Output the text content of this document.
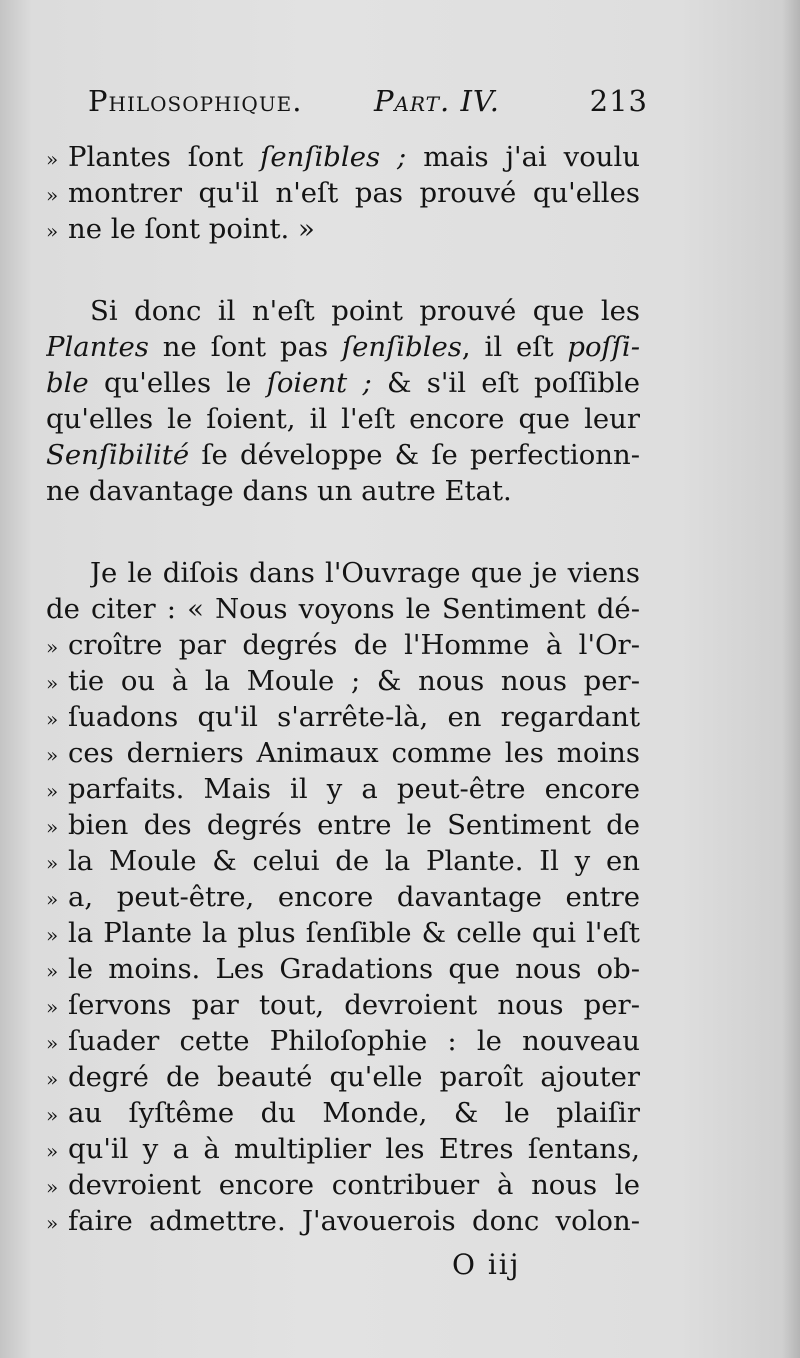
Philosophique. Part. IV.	213
» Plantes ſont ſenſibles ; mais j'ai voulu
» montrer qu'il n'eſt pas prouvé qu'elles
» ne le ſont point. »
Si donc il n'eſt point prouvé que les
Plantes ne ſont pas ſenſibles, il eſt poſſi-
ble qu'elles le ſoient ; & s'il eſt poſſible
qu'elles le ſoient, il l'eſt encore que leur
Senſibilité ſe développe & ſe perfectionn-
ne davantage dans un autre Etat.
Je le diſois dans l'Ouvrage que je viens
de citer : « Nous voyons le Sentiment dé-
» croître par degrés de l'Homme à l'Or-
» tie ou à la Moule ; & nous nous per-
» ſuadons qu'il s'arrête-là, en regardant
» ces derniers Animaux comme les moins
» parfaits. Mais il y a peut-être encore
» bien des degrés entre le Sentiment de
» la Moule & celui de la Plante. Il y en
» a, peut-être, encore davantage entre
» la Plante la plus ſenſible & celle qui l'eſt
» le moins. Les Gradations que nous ob-
» ſervons par tout, devroient nous per-
» ſuader cette Philoſophie : le nouveau
» degré de beauté qu'elle paroît ajouter
» au ſyſtême du Monde, & le plaiſir
» qu'il y a à multiplier les Etres ſentans,
» devroient encore contribuer à nous le
» faire admettre. J'avouerois donc volon-
O iij
